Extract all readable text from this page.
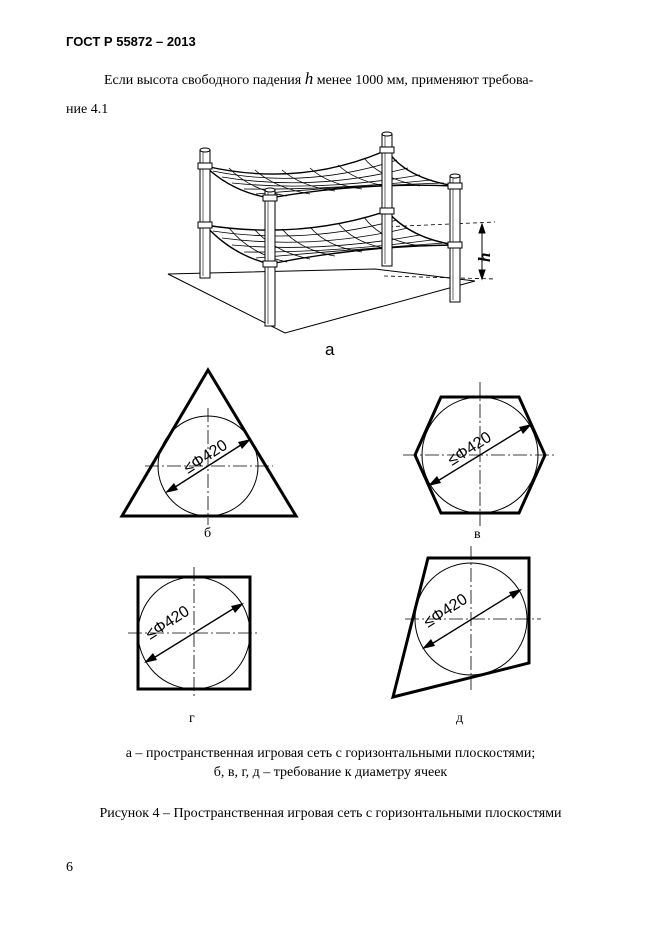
ГОСТ Р 55872 – 2013
Если высота свободного падения h менее 1000 мм, применяют требова-
ние 4.1
h
≤Φ420	≤Φ420
≤Φ420	≤Φ420
а
б	в
г	д
а – пространственная игровая сеть с горизонтальными плоскостями;
б, в, г, д – требование к диаметру ячеек
Рисунок 4 – Пространственная игровая сеть с горизонтальными плоскостями
6
